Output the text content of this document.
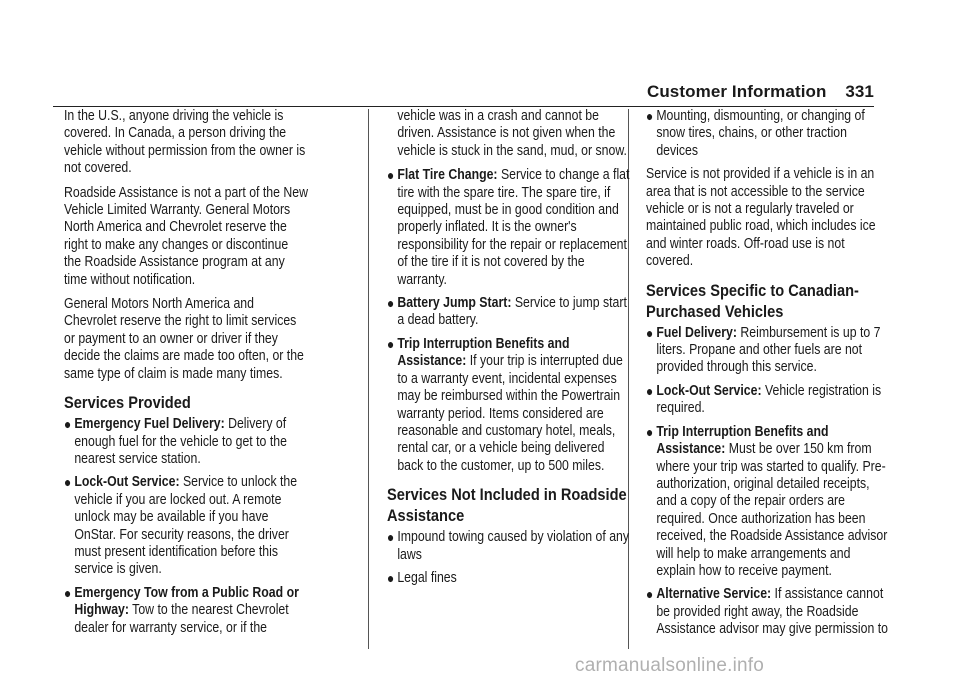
Customer Information 331

In the U.S., anyone driving the vehicle is covered. In Canada, a person driving the vehicle without permission from the owner is not covered.

Roadside Assistance is not a part of the New Vehicle Limited Warranty. General Motors North America and Chevrolet reserve the right to make any changes or discontinue the Roadside Assistance program at any time without notification.

General Motors North America and Chevrolet reserve the right to limit services or payment to an owner or driver if they decide the claims are made too often, or the same type of claim is made many times.

Services Provided
● Emergency Fuel Delivery: Delivery of enough fuel for the vehicle to get to the nearest service station.
● Lock-Out Service: Service to unlock the vehicle if you are locked out. A remote unlock may be available if you have OnStar. For security reasons, the driver must present identification before this service is given.
● Emergency Tow from a Public Road or Highway: Tow to the nearest Chevrolet dealer for warranty service, or if the

vehicle was in a crash and cannot be driven. Assistance is not given when the vehicle is stuck in the sand, mud, or snow.

● Flat Tire Change: Service to change a flat tire with the spare tire. The spare tire, if equipped, must be in good condition and properly inflated. It is the owner's responsibility for the repair or replacement of the tire if it is not covered by the warranty.
● Battery Jump Start: Service to jump start a dead battery.
● Trip Interruption Benefits and Assistance: If your trip is interrupted due to a warranty event, incidental expenses may be reimbursed within the Powertrain warranty period. Items considered are reasonable and customary hotel, meals, rental car, or a vehicle being delivered back to the customer, up to 500 miles.
Services Not Included in Roadside Assistance
● Impound towing caused by violation of any laws
● Legal fines
● Mounting, dismounting, or changing of snow tires, chains, or other traction devices

Service is not provided if a vehicle is in an area that is not accessible to the service vehicle or is not a regularly traveled or maintained public road, which includes ice and winter roads. Off-road use is not covered.

Services Specific to Canadian-Purchased Vehicles
● Fuel Delivery: Reimbursement is up to 7 liters. Propane and other fuels are not provided through this service.
● Lock-Out Service: Vehicle registration is required.
● Trip Interruption Benefits and Assistance: Must be over 150 km from where your trip was started to qualify. Pre-authorization, original detailed receipts, and a copy of the repair orders are required. Once authorization has been received, the Roadside Assistance advisor will help to make arrangements and explain how to receive payment.
● Alternative Service: If assistance cannot be provided right away, the Roadside Assistance advisor may give permission to
carmanualsonline.info
